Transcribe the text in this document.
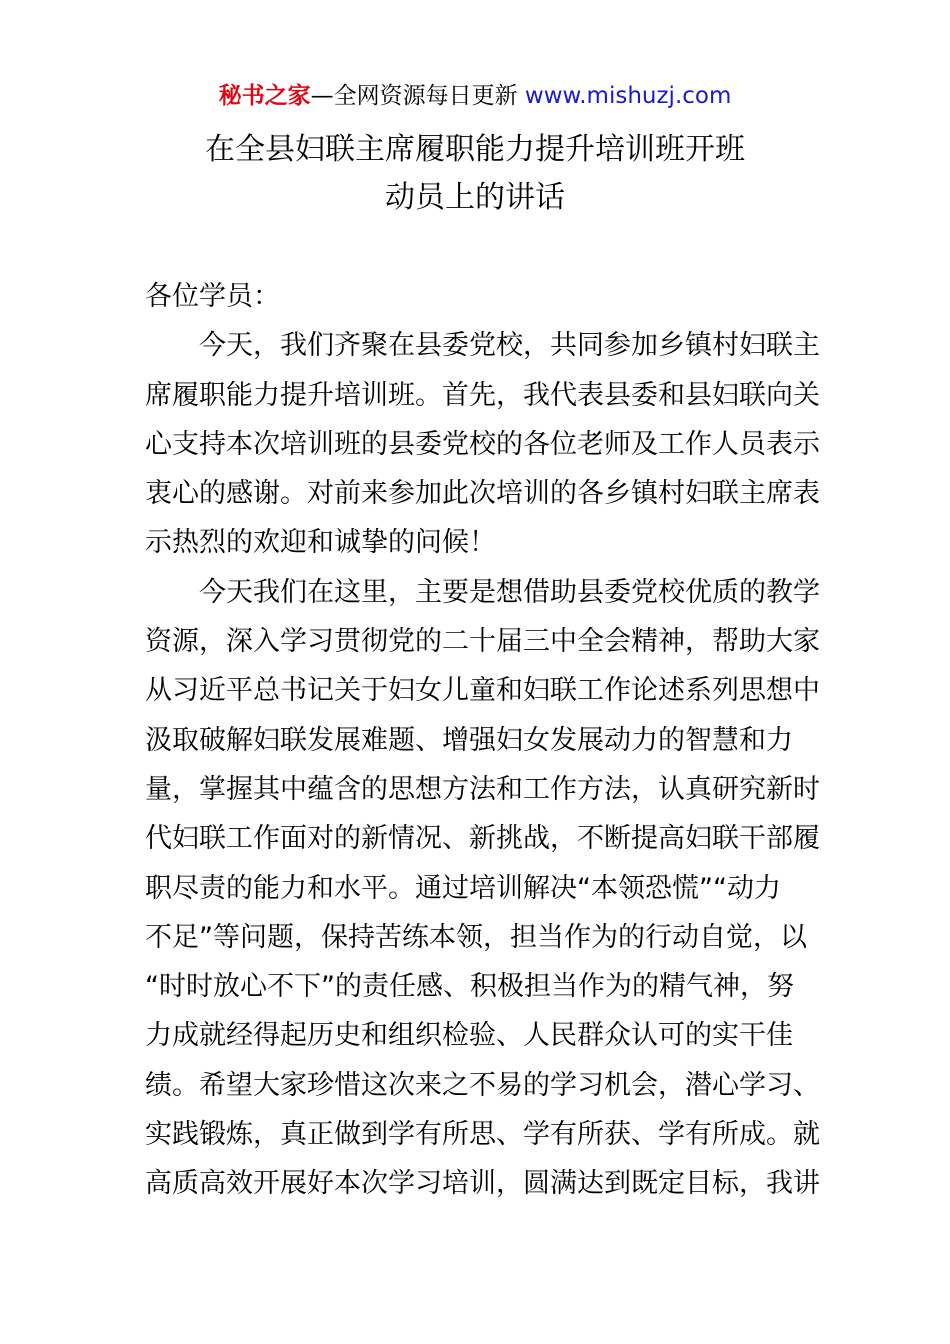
秘书之家—全网资源每日更新 www.mishuzj.com
在全县妇联主席履职能力提升培训班开班
动员上的讲话
各位学员：
　　今天，我们齐聚在县委党校，共同参加乡镇村妇联主
席履职能力提升培训班。首先，我代表县委和县妇联向关
心支持本次培训班的县委党校的各位老师及工作人员表示
衷心的感谢。对前来参加此次培训的各乡镇村妇联主席表
示热烈的欢迎和诚挚的问候！
　　今天我们在这里，主要是想借助县委党校优质的教学
资源，深入学习贯彻党的二十届三中全会精神，帮助大家
从习近平总书记关于妇女儿童和妇联工作论述系列思想中
汲取破解妇联发展难题、增强妇女发展动力的智慧和力
量，掌握其中蕴含的思想方法和工作方法，认真研究新时
代妇联工作面对的新情况、新挑战，不断提高妇联干部履
职尽责的能力和水平。通过培训解决“本领恐慌”“动力
不足”等问题，保持苦练本领，担当作为的行动自觉，以
“时时放心不下”的责任感、积极担当作为的精气神，努
力成就经得起历史和组织检验、人民群众认可的实干佳
绩。希望大家珍惜这次来之不易的学习机会，潜心学习、
实践锻炼，真正做到学有所思、学有所获、学有所成。就
高质高效开展好本次学习培训，圆满达到既定目标，我讲
